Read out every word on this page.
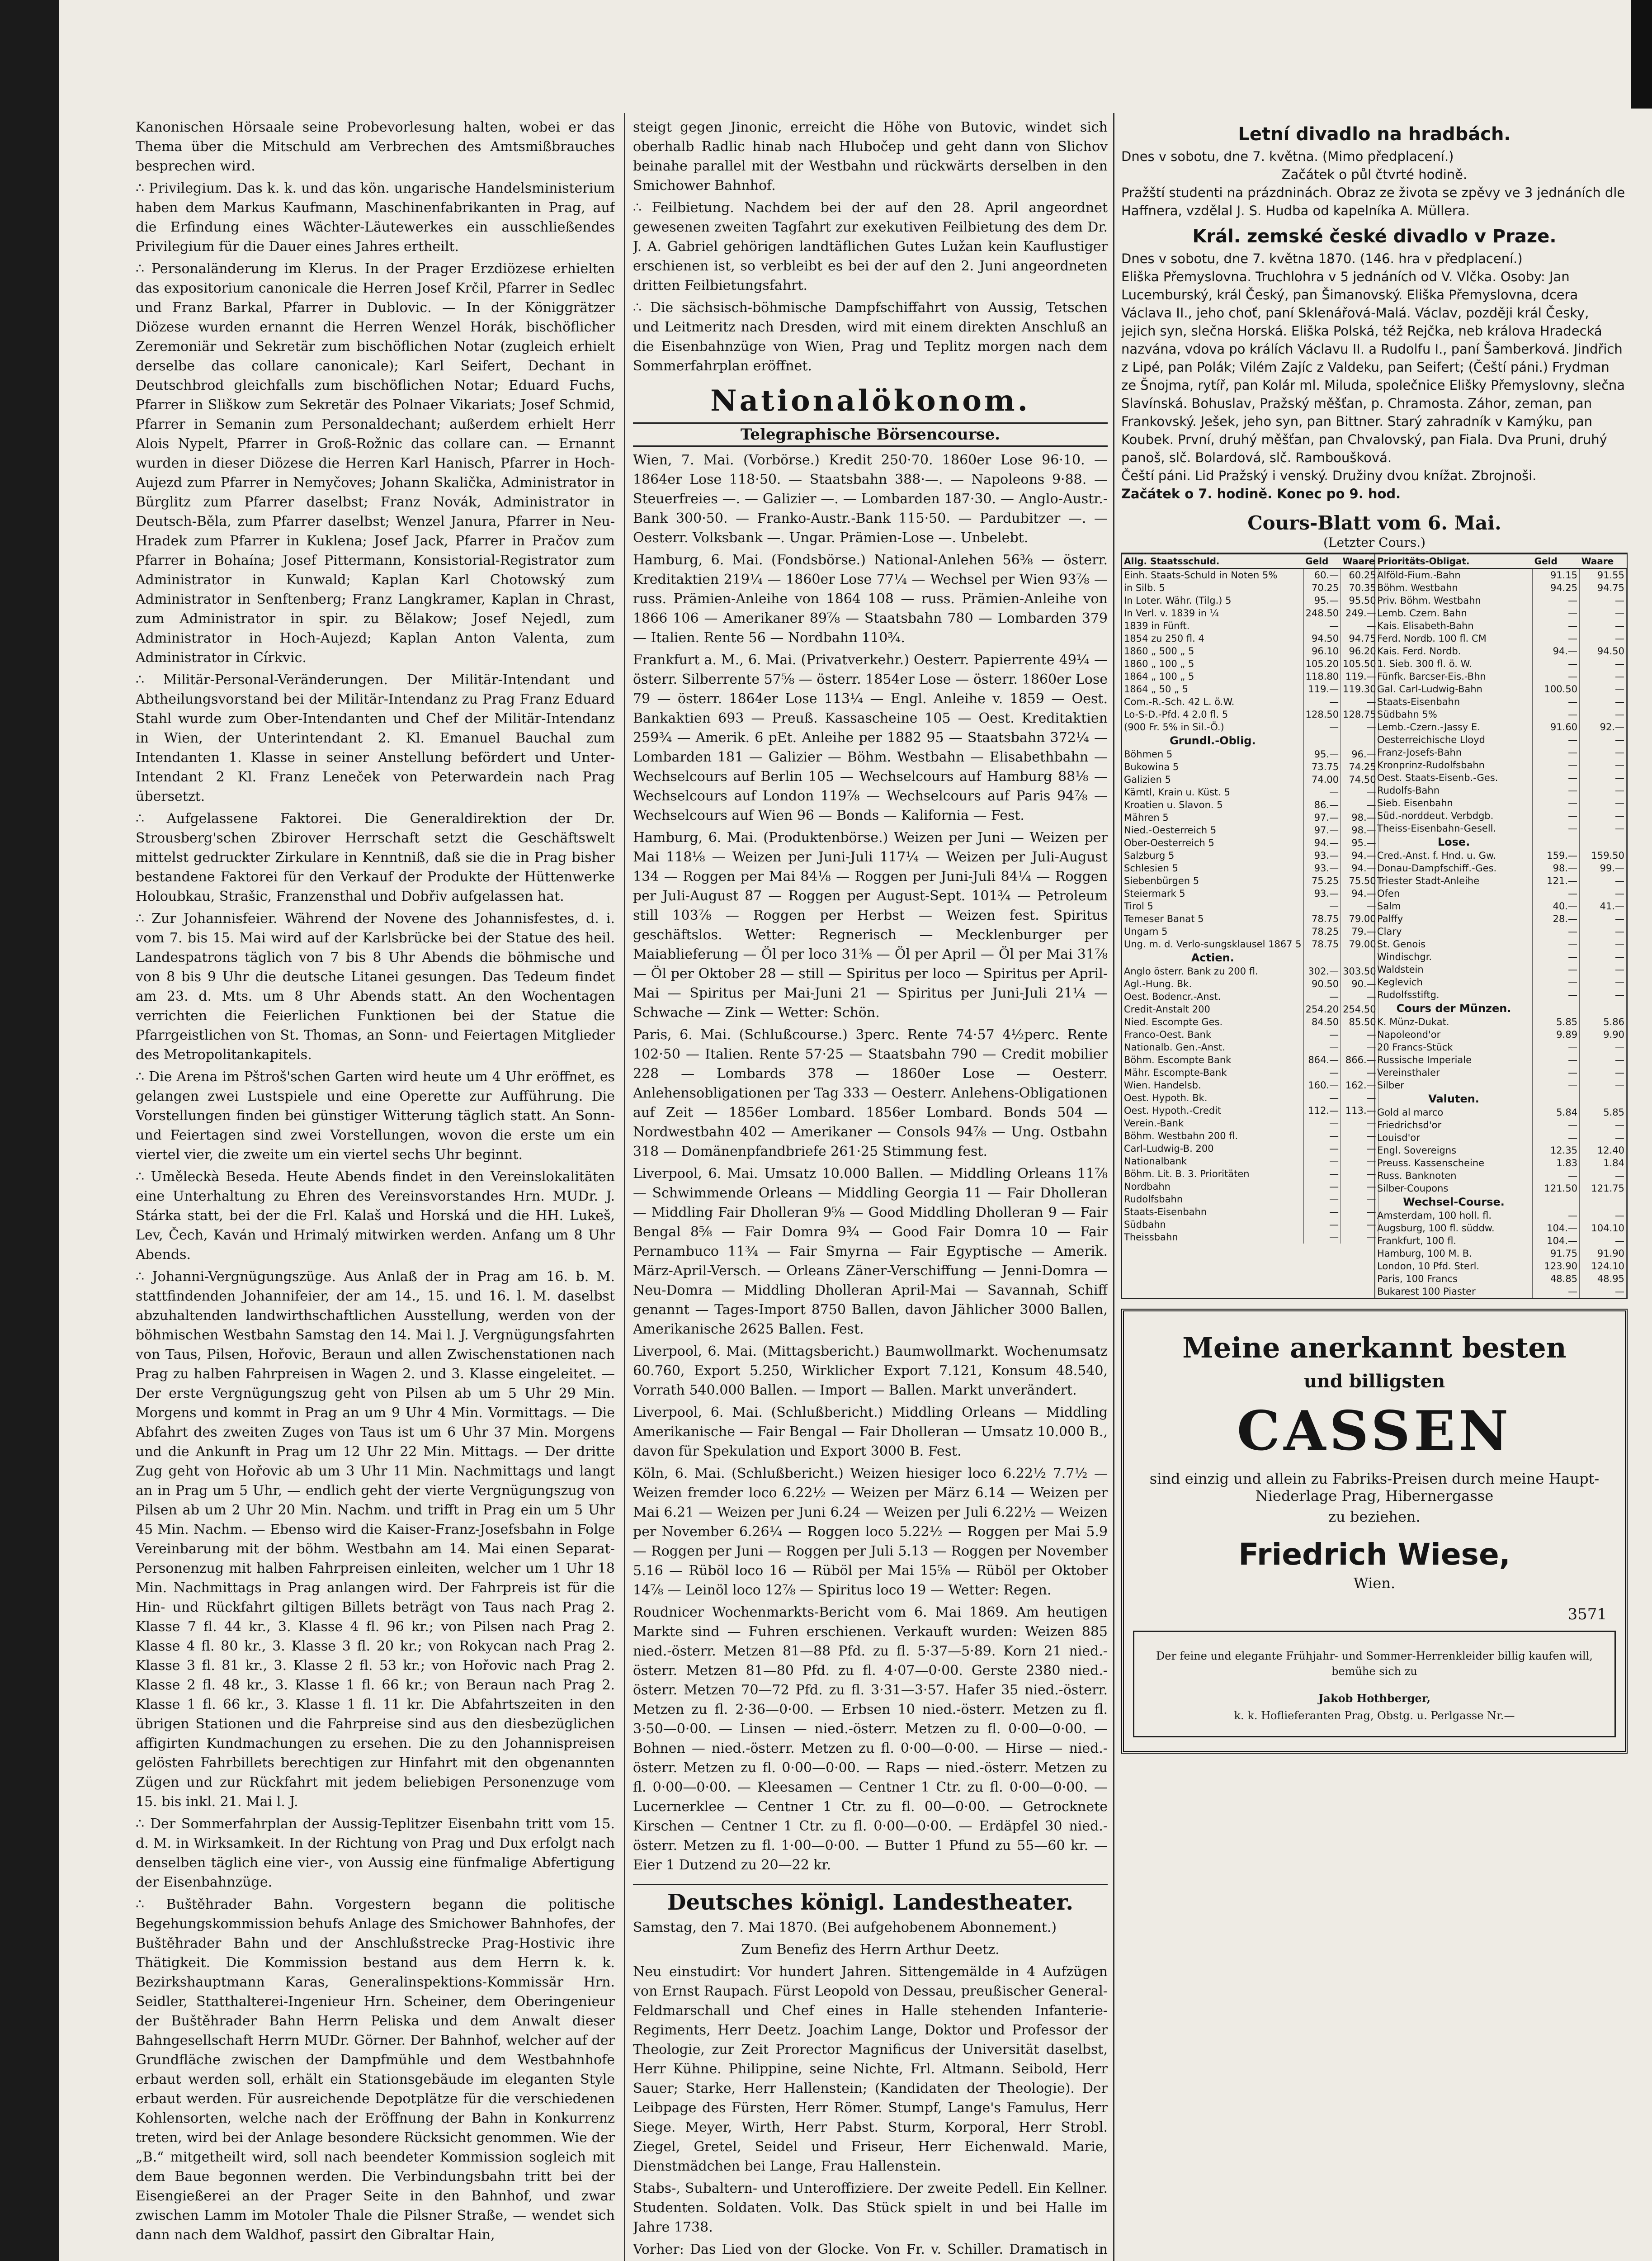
Kanonischen Hörsaale seine Probevorlesung halten, wobei er das Thema über die Mitschuld am Verbrechen des Amtsmißbrauches besprechen wird.

∴ Privilegium. Das k. k. und das kön. ungarische Handelsministerium haben dem Markus Kaufmann, Maschinenfabrikanten in Prag, auf die Erfindung eines Wächter-Läutewerkes ein ausschließendes Privilegium für die Dauer eines Jahres ertheilt.

∴ Personaländerung im Klerus. In der Prager Erzdiözese erhielten das expositorium canonicale die Herren Josef Krčil, Pfarrer in Sedlec und Franz Barkal, Pfarrer in Dublovic. — In der Königgrätzer Diözese wurden ernannt die Herren Wenzel Horák, bischöflicher Zeremoniär und Sekretär zum bischöflichen Notar (zugleich erhielt derselbe das collare canonicale); Karl Seifert, Dechant in Deutschbrod gleichfalls zum bischöflichen Notar; Eduard Fuchs, Pfarrer in Sliškow zum Sekretär des Polnaer Vikariats; Josef Schmid, Pfarrer in Semanin zum Personaldechant; außerdem erhielt Herr Alois Nypelt, Pfarrer in Groß-Rožnic das collare can. — Ernannt wurden in dieser Diözese die Herren Karl Hanisch, Pfarrer in Hoch-Aujezd zum Pfarrer in Nemyčoves; Johann Skalička, Administrator in Bürglitz zum Pfarrer daselbst; Franz Novák, Administrator in Deutsch-Běla, zum Pfarrer daselbst; Wenzel Janura, Pfarrer in Neu-Hradek zum Pfarrer in Kuklena; Josef Jack, Pfarrer in Pračov zum Pfarrer in Bohaína; Josef Pittermann, Konsistorial-Registrator zum Administrator in Kunwald; Kaplan Karl Chotowský zum Administrator in Senftenberg; Franz Langkramer, Kaplan in Chrast, zum Administrator in spir. zu Bělakow; Josef Nejedl, zum Administrator in Hoch-Aujezd; Kaplan Anton Valenta, zum Administrator in Církvic.

∴ Militär-Personal-Veränderungen. Der Militär-Intendant und Abtheilungsvorstand bei der Militär-Intendanz zu Prag Franz Eduard Stahl wurde zum Ober-Intendanten und Chef der Militär-Intendanz in Wien, der Unterintendant 2. Kl. Emanuel Bauchal zum Intendanten 1. Klasse in seiner Anstellung befördert und Unter-Intendant 2 Kl. Franz Leneček von Peterwardein nach Prag übersetzt.

∴ Aufgelassene Faktorei. Die Generaldirektion der Dr. Strousberg'schen Zbirover Herrschaft setzt die Geschäftswelt mittelst gedruckter Zirkulare in Kenntniß, daß sie die in Prag bisher bestandene Faktorei für den Verkauf der Produkte der Hüttenwerke Holoubkau, Strašic, Franzensthal und Dobřiv aufgelassen hat.

∴ Zur Johannisfeier. Während der Novene des Johannisfestes, d. i. vom 7. bis 15. Mai wird auf der Karlsbrücke bei der Statue des heil. Landespatrons täglich von 7 bis 8 Uhr Abends die böhmische und von 8 bis 9 Uhr die deutsche Litanei gesungen. Das Tedeum findet am 23. d. Mts. um 8 Uhr Abends statt. An den Wochentagen verrichten die Feierlichen Funktionen bei der Statue die Pfarrgeistlichen von St. Thomas, an Sonn- und Feiertagen Mitglieder des Metropolitankapitels.

∴ Die Arena im Pštroš'schen Garten wird heute um 4 Uhr eröffnet, es gelangen zwei Lustspiele und eine Operette zur Aufführung. Die Vorstellungen finden bei günstiger Witterung täglich statt. An Sonn- und Feiertagen sind zwei Vorstellungen, wovon die erste um ein viertel vier, die zweite um ein viertel sechs Uhr beginnt.

∴ Uměleckà Beseda. Heute Abends findet in den Vereinslokalitäten eine Unterhaltung zu Ehren des Vereinsvorstandes Hrn. MUDr. J. Stárka statt, bei der die Frl. Kalaš und Horská und die HH. Lukeš, Lev, Čech, Kaván und Hrimalý mitwirken werden. Anfang um 8 Uhr Abends.

∴ Johanni-Vergnügungszüge. Aus Anlaß der in Prag am 16. b. M. stattfindenden Johannifeier, der am 14., 15. und 16. l. M. daselbst abzuhaltenden landwirthschaftlichen Ausstellung, werden von der böhmischen Westbahn Samstag den 14. Mai l. J. Vergnügungsfahrten von Taus, Pilsen, Hořovic, Beraun und allen Zwischenstationen nach Prag zu halben Fahrpreisen in Wagen 2. und 3. Klasse eingeleitet. — Der erste Vergnügungszug geht von Pilsen ab um 5 Uhr 29 Min. Morgens und kommt in Prag an um 9 Uhr 4 Min. Vormittags. — Die Abfahrt des zweiten Zuges von Taus ist um 6 Uhr 37 Min. Morgens und die Ankunft in Prag um 12 Uhr 22 Min. Mittags. — Der dritte Zug geht von Hořovic ab um 3 Uhr 11 Min. Nachmittags und langt an in Prag um 5 Uhr, — endlich geht der vierte Vergnügungszug von Pilsen ab um 2 Uhr 20 Min. Nachm. und trifft in Prag ein um 5 Uhr 45 Min. Nachm. — Ebenso wird die Kaiser-Franz-Josefsbahn in Folge Vereinbarung mit der böhm. Westbahn am 14. Mai einen Separat-Personenzug mit halben Fahrpreisen einleiten, welcher um 1 Uhr 18 Min. Nachmittags in Prag anlangen wird. Der Fahrpreis ist für die Hin- und Rückfahrt giltigen Billets beträgt von Taus nach Prag 2. Klasse 7 fl. 44 kr., 3. Klasse 4 fl. 96 kr.; von Pilsen nach Prag 2. Klasse 4 fl. 80 kr., 3. Klasse 3 fl. 20 kr.; von Rokycan nach Prag 2. Klasse 3 fl. 81 kr., 3. Klasse 2 fl. 53 kr.; von Hořovic nach Prag 2. Klasse 2 fl. 48 kr., 3. Klasse 1 fl. 66 kr.; von Beraun nach Prag 2. Klasse 1 fl. 66 kr., 3. Klasse 1 fl. 11 kr. Die Abfahrtszeiten in den übrigen Stationen und die Fahrpreise sind aus den diesbezüglichen affigirten Kundmachungen zu ersehen. Die zu den Johannispreisen gelösten Fahrbillets berechtigen zur Hinfahrt mit den obgenannten Zügen und zur Rückfahrt mit jedem beliebigen Personenzuge vom 15. bis inkl. 21. Mai l. J.

∴ Der Sommerfahrplan der Aussig-Teplitzer Eisenbahn tritt vom 15. d. M. in Wirksamkeit. In der Richtung von Prag und Dux erfolgt nach denselben täglich eine vier-, von Aussig eine fünfmalige Abfertigung der Eisenbahnzüge.

∴ Buštěhrader Bahn. Vorgestern begann die politische Begehungskommission behufs Anlage des Smichower Bahnhofes, der Buštěhrader Bahn und der Anschlußstrecke Prag-Hostivic ihre Thätigkeit. Die Kommission bestand aus dem Herrn k. k. Bezirkshauptmann Karas, Generalinspektions-Kommissär Hrn. Seidler, Statthalterei-Ingenieur Hrn. Scheiner, dem Oberingenieur der Buštěhrader Bahn Herrn Peliska und dem Anwalt dieser Bahngesellschaft Herrn MUDr. Görner. Der Bahnhof, welcher auf der Grundfläche zwischen der Dampfmühle und dem Westbahnhofe erbaut werden soll, erhält ein Stationsgebäude im eleganten Style erbaut werden. Für ausreichende Depotplätze für die verschiedenen Kohlensorten, welche nach der Eröffnung der Bahn in Konkurrenz treten, wird bei der Anlage besondere Rücksicht genommen. Wie der „B.“ mitgetheilt wird, soll nach beendeter Kommission sogleich mit dem Baue begonnen werden. Die Verbindungsbahn tritt bei der Eisengießerei an der Prager Seite in den Bahnhof, und zwar zwischen Lamm im Motoler Thale die Pilsner Straße, — wendet sich dann nach dem Waldhof, passirt den Gibraltar Hain,

steigt gegen Jinonic, erreicht die Höhe von Butovic, windet sich oberhalb Radlic hinab nach Hlubočep und geht dann von Slichov beinahe parallel mit der Westbahn und rückwärts derselben in den Smichower Bahnhof.

∴ Feilbietung. Nachdem bei der auf den 28. April angeordnet gewesenen zweiten Tagfahrt zur exekutiven Feilbietung des dem Dr. J. A. Gabriel gehörigen landtäflichen Gutes Lužan kein Kauflustiger erschienen ist, so verbleibt es bei der auf den 2. Juni angeordneten dritten Feilbietungsfahrt.

∴ Die sächsisch-böhmische Dampfschiffahrt von Aussig, Tetschen und Leitmeritz nach Dresden, wird mit einem direkten Anschluß an die Eisenbahnzüge von Wien, Prag und Teplitz morgen nach dem Sommerfahrplan eröffnet.

Nationalökonom.
Telegraphische Börsencourse.

Wien, 7. Mai. (Vorbörse.) Kredit 250·70. 1860er Lose 96·10. — 1864er Lose 118·50. — Staatsbahn 388·—. — Napoleons 9·88. — Steuerfreies —. — Galizier —. — Lombarden 187·30. — Anglo-Austr.-Bank 300·50. — Franko-Austr.-Bank 115·50. — Pardubitzer —. — Oesterr. Volksbank —. Ungar. Prämien-Lose —. Unbelebt.

Hamburg, 6. Mai. (Fondsbörse.) National-Anlehen 56⅜ — österr. Kreditaktien 219¼ — 1860er Lose 77¼ — Wechsel per Wien 93⅞ — russ. Prämien-Anleihe von 1864 108 — russ. Prämien-Anleihe von 1866 106 — Amerikaner 89⅞ — Staatsbahn 780 — Lombarden 379 — Italien. Rente 56 — Nordbahn 110¾.

Frankfurt a. M., 6. Mai. (Privatverkehr.) Oesterr. Papierrente 49¼ — österr. Silberrente 57⅝ — österr. 1854er Lose — österr. 1860er Lose 79 — österr. 1864er Lose 113¼ — Engl. Anleihe v. 1859 — Oest. Bankaktien 693 — Preuß. Kassascheine 105 — Oest. Kreditaktien 259¾ — Amerik. 6 pEt. Anleihe per 1882 95 — Staatsbahn 372¼ — Lombarden 181 — Galizier — Böhm. Westbahn — Elisabethbahn — Wechselcours auf Berlin 105 — Wechselcours auf Hamburg 88⅛ — Wechselcours auf London 119⅞ — Wechselcours auf Paris 94⅞ — Wechselcours auf Wien 96 — Bonds — Kalifornia — Fest.

Hamburg, 6. Mai. (Produktenbörse.) Weizen per Juni — Weizen per Mai 118⅛ — Weizen per Juni-Juli 117¼ — Weizen per Juli-August 134 — Roggen per Mai 84⅛ — Roggen per Juni-Juli 84¼ — Roggen per Juli-August 87 — Roggen per August-Sept. 101¾ — Petroleum still 103⅞ — Roggen per Herbst — Weizen fest. Spiritus geschäftslos. Wetter: Regnerisch — Mecklenburger per Maiablieferung — Öl per loco 31⅜ — Öl per April — Öl per Mai 31⅞ — Öl per Oktober 28 — still — Spiritus per loco — Spiritus per April-Mai — Spiritus per Mai-Juni 21 — Spiritus per Juni-Juli 21¼ — Schwache — Zink — Wetter: Schön.

Paris, 6. Mai. (Schlußcourse.) 3perc. Rente 74·57 4½perc. Rente 102·50 — Italien. Rente 57·25 — Staatsbahn 790 — Credit mobilier 228 — Lombards 378 — 1860er Lose — Oesterr. Anlehensobligationen per Tag 333 — Oesterr. Anlehens-Obligationen auf Zeit — 1856er Lombard. 1856er Lombard. Bonds 504 — Nordwestbahn 402 — Amerikaner — Consols 94⅞ — Ung. Ostbahn 318 — Domänenpfandbriefe 261·25 Stimmung fest.

Liverpool, 6. Mai. Umsatz 10.000 Ballen. — Middling Orleans 11⅞ — Schwimmende Orleans — Middling Georgia 11 — Fair Dholleran — Middling Fair Dholleran 9⅝ — Good Middling Dholleran 9 — Fair Bengal 8⅝ — Fair Domra 9¾ — Good Fair Domra 10 — Fair Pernambuco 11¾ — Fair Smyrna — Fair Egyptische — Amerik. März-April-Versch. — Orleans Zäner-Verschiffung — Jenni-Domra — Neu-Domra — Middling Dholleran April-Mai — Savannah, Schiff genannt — Tages-Import 8750 Ballen, davon Jählicher 3000 Ballen, Amerikanische 2625 Ballen. Fest.

Liverpool, 6. Mai. (Mittagsbericht.) Baumwollmarkt. Wochenumsatz 60.760, Export 5.250, Wirklicher Export 7.121, Konsum 48.540, Vorrath 540.000 Ballen. — Import — Ballen. Markt unverändert.

Liverpool, 6. Mai. (Schlußbericht.) Middling Orleans — Middling Amerikanische — Fair Bengal — Fair Dholleran — Umsatz 10.000 B., davon für Spekulation und Export 3000 B. Fest.

Köln, 6. Mai. (Schlußbericht.) Weizen hiesiger loco 6.22½ 7.7½ — Weizen fremder loco 6.22½ — Weizen per März 6.14 — Weizen per Mai 6.21 — Weizen per Juni 6.24 — Weizen per Juli 6.22½ — Weizen per November 6.26¼ — Roggen loco 5.22½ — Roggen per Mai 5.9 — Roggen per Juni — Roggen per Juli 5.13 — Roggen per November 5.16 — Rüböl loco 16 — Rüböl per Mai 15⅝ — Rüböl per Oktober 14⅞ — Leinöl loco 12⅞ — Spiritus loco 19 — Wetter: Regen.

Roudnicer Wochenmarkts-Bericht vom 6. Mai 1869. Am heutigen Markte sind — Fuhren erschienen. Verkauft wurden: Weizen 885 nied.-österr. Metzen 81—88 Pfd. zu fl. 5·37—5·89. Korn 21 nied.-österr. Metzen 81—80 Pfd. zu fl. 4·07—0·00. Gerste 2380 nied.-österr. Metzen 70—72 Pfd. zu fl. 3·31—3·57. Hafer 35 nied.-österr. Metzen zu fl. 2·36—0·00. — Erbsen 10 nied.-österr. Metzen zu fl. 3·50—0·00. — Linsen — nied.-österr. Metzen zu fl. 0·00—0·00. — Bohnen — nied.-österr. Metzen zu fl. 0·00—0·00. — Hirse — nied.-österr. Metzen zu fl. 0·00—0·00. — Raps — nied.-österr. Metzen zu fl. 0·00—0·00. — Kleesamen — Centner 1 Ctr. zu fl. 0·00—0·00. — Lucernerklee — Centner 1 Ctr. zu fl. 00—0·00. — Getrocknete Kirschen — Centner 1 Ctr. zu fl. 0·00—0·00. — Erdäpfel 30 nied.-österr. Metzen zu fl. 1·00—0·00. — Butter 1 Pfund zu 55—60 kr. — Eier 1 Dutzend zu 20—22 kr.

Deutsches königl. Landestheater.

Samstag, den 7. Mai 1870. (Bei aufgehobenem Abonnement.)

Zum Benefiz des Herrn Arthur Deetz.

Neu einstudirt: Vor hundert Jahren. Sittengemälde in 4 Aufzügen von Ernst Raupach. Fürst Leopold von Dessau, preußischer General-Feldmarschall und Chef eines in Halle stehenden Infanterie-Regiments, Herr Deetz. Joachim Lange, Doktor und Professor der Theologie, zur Zeit Prorector Magnificus der Universität daselbst, Herr Kühne. Philippine, seine Nichte, Frl. Altmann. Seibold, Herr Sauer; Starke, Herr Hallenstein; (Kandidaten der Theologie). Der Leibpage des Fürsten, Herr Römer. Stumpf, Lange's Famulus, Herr Siege. Meyer, Wirth, Herr Pabst. Sturm, Korporal, Herr Strobl. Ziegel, Gretel, Seidel und Friseur, Herr Eichenwald. Marie, Dienstmädchen bei Lange, Frau Hallenstein.

Stabs-, Subaltern- und Unteroffiziere. Der zweite Pedell. Ein Kellner. Studenten. Soldaten. Volk. Das Stück spielt in und bei Halle im Jahre 1738.

Vorher: Das Lied von der Glocke. Von Fr. v. Schiller. Dramatisch in

Letní divadlo na hradbách.

Dnes v sobotu, dne 7. května. (Mimo předplacení.)

Začátek o půl čtvrté hodině.

Pražští studenti na prázdninách. Obraz ze života se zpěvy ve 3 jednáních dle Haffnera, vzdělal J. S. Hudba od kapelníka A. Müllera.

Král. zemské české divadlo v Praze.

Dnes v sobotu, dne 7. května 1870. (146. hra v předplacení.)

Eliška Přemyslovna. Truchlohra v 5 jednáních od V. Vlčka. Osoby: Jan Lucemburský, král Český, pan Šimanovský. Eliška Přemyslovna, dcera Václava II., jeho choť, paní Sklenářová-Malá. Václav, později král Česky, jejich syn, slečna Horská. Eliška Polská, též Rejčka, neb králova Hradecká nazvána, vdova po králích Václavu II. a Rudolfu I., paní Šamberková. Jindřich z Lipé, pan Polák; Vilém Zajíc z Valdeku, pan Seifert; (Čeští páni.) Frydman ze Šnojma, rytíř, pan Kolár ml. Miluda, společnice Elišky Přemyslovny, slečna Slavínská. Bohuslav, Pražský měšťan, p. Chramosta. Záhor, zeman, pan Frankovský. Ješek, jeho syn, pan Bittner. Starý zahradník v Kamýku, pan Koubek. První, druhý měšťan, pan Chvalovský, pan Fiala. Dva Pruni, druhý panoš, slč. Bolardová, slč. Ramboušková.

Čeští páni. Lid Pražský i venský. Družiny dvou knížat. Zbrojnoši.

Začátek o 7. hodině. Konec po 9. hod.

Cours-Blatt vom 6. Mai.
(Letzter Cours.)
Allg. Staatsschuld.	Geld	Waare
Einh. Staats-Schuld in Noten 5%	60.—	60.25
in Silb. 5	70.25	70.35
In Loter. Währ. (Tilg.) 5	95.—	95.50
In Verl. v. 1839 in ¼	248.50	249.—
1839 in Fünft.	—	—
1854 zu 250 fl. 4	94.50	94.75
1860 „ 500 „ 5	96.10	96.20
1860 „ 100 „ 5	105.20	105.50
1864 „ 100 „ 5	118.80	119.—
1864 „ 50 „ 5	119.—	119.30
Com.-R.-Sch. 42 L. ö.W.	—	—
Lo-S-D.-Pfd. 4 2.0 fl. 5	128.50	128.75
(900 Fr. 5% in Sil.-Ö.)	—	—
Grundl.-Oblig.		
Böhmen 5	95.—	96.—
Bukowina 5	73.75	74.25
Galizien 5	74.00	74.50
Kärntl, Krain u. Küst. 5	—	—
Kroatien u. Slavon. 5	86.—	—
Mähren 5	97.—	98.—
Nied.-Oesterreich 5	97.—	98.—
Ober-Oesterreich 5	94.—	95.—
Salzburg 5	93.—	94.—
Schlesien 5	93.—	94.—
Siebenbürgen 5	75.25	75.50
Steiermark 5	93.—	94.—
Tirol 5	—	—
Temeser Banat 5	78.75	79.00
Ungarn 5	78.25	79.—
Ung. m. d. Verlo-sungsklausel 1867 5	78.75	79.00
Actien.		
Anglo österr. Bank zu 200 fl.	302.—	303.50
Agl.-Hung. Bk.	90.50	90.—
Oest. Bodencr.-Anst.	—	—
Credit-Anstalt 200	254.20	254.50
Nied. Escompte Ges.	84.50	85.50
Franco-Oest. Bank	—	—
Nationalb. Gen.-Anst.	—	—
Böhm. Escompte Bank	864.—	866.—
Mähr. Escompte-Bank	—	—
Wien. Handelsb.	160.—	162.—
Oest. Hypoth. Bk.	—	—
Oest. Hypoth.-Credit	112.—	113.—
Verein.-Bank	—	—
Böhm. Westbahn 200 fl.	—	—
Carl-Ludwig-B. 200	—	—
Nationalbank	—	—
Böhm. Lit. B. 3. Prioritäten	—	—
Nordbahn	—	—
Rudolfsbahn	—	—
Staats-Eisenbahn	—	—
Südbahn	—	—
Theissbahn	—	—
Prioritäts-Obligat.	Geld	Waare
Alföld-Fium.-Bahn	91.15	91.55
Böhm. Westbahn	94.25	94.75
Priv. Böhm. Westbahn	—	—
Lemb. Czern. Bahn	—	—
Kais. Elisabeth-Bahn	—	—
Ferd. Nordb. 100 fl. CM	—	—
Kais. Ferd. Nordb.	94.—	94.50
1. Sieb. 300 fl. ö. W.	—	—
Fünfk. Barcser-Eis.-Bhn	—	—
Gal. Carl-Ludwig-Bahn	100.50	—
Staats-Eisenbahn	—	—
Südbahn 5%	—	—
Lemb.-Czern.-Jassy E.	91.60	92.—
Oesterreichische Lloyd	—	—
Franz-Josefs-Bahn	—	—
Kronprinz-Rudolfsbahn	—	—
Oest. Staats-Eisenb.-Ges.	—	—
Rudolfs-Bahn	—	—
Sieb. Eisenbahn	—	—
Süd.-norddeut. Verbdgb.	—	—
Theiss-Eisenbahn-Gesell.	—	—
Lose.		
Cred.-Anst. f. Hnd. u. Gw.	159.—	159.50
Donau-Dampfschiff.-Ges.	98.—	99.—
Triester Stadt-Anleihe	121.—	—
Ofen	—	—
Salm	40.—	41.—
Palffy	28.—	—
Clary	—	—
St. Genois	—	—
Windischgr.	—	—
Waldstein	—	—
Keglevich	—	—
Rudolfsstiftg.	—	—
Cours der Münzen.		
K. Münz-Dukat.	5.85	5.86
Napoleond'or	9.89	9.90
20 Francs-Stück	—	—
Russische Imperiale	—	—
Vereinsthaler	—	—
Silber	—	—
Valuten.		
Gold al marco	5.84	5.85
Friedrichsd'or	—	—
Louisd'or	—	—
Engl. Sovereigns	12.35	12.40
Preuss. Kassenscheine	1.83	1.84
Russ. Banknoten	—	—
Silber-Coupons	121.50	121.75
Wechsel-Course.		
Amsterdam, 100 holl. fl.	—	—
Augsburg, 100 fl. süddw.	104.—	104.10
Frankfurt, 100 fl.	104.—	—
Hamburg, 100 M. B.	91.75	91.90
London, 10 Pfd. Sterl.	123.90	124.10
Paris, 100 Francs	48.85	48.95
Bukarest 100 Piaster	—	—
Meine anerkannt besten
und billigsten
CASSEN
sind einzig und allein zu Fabriks-Preisen durch meine Haupt-Niederlage Prag, Hibernergasse
zu beziehen.
Friedrich Wiese,
Wien.
3571
Der feine und elegante Frühjahr- und Sommer-Herrenkleider billig kaufen will, bemühe sich zu
Jakob Hothberger,
k. k. Hoflieferanten Prag, Obstg. u. Perlgasse Nr.—
